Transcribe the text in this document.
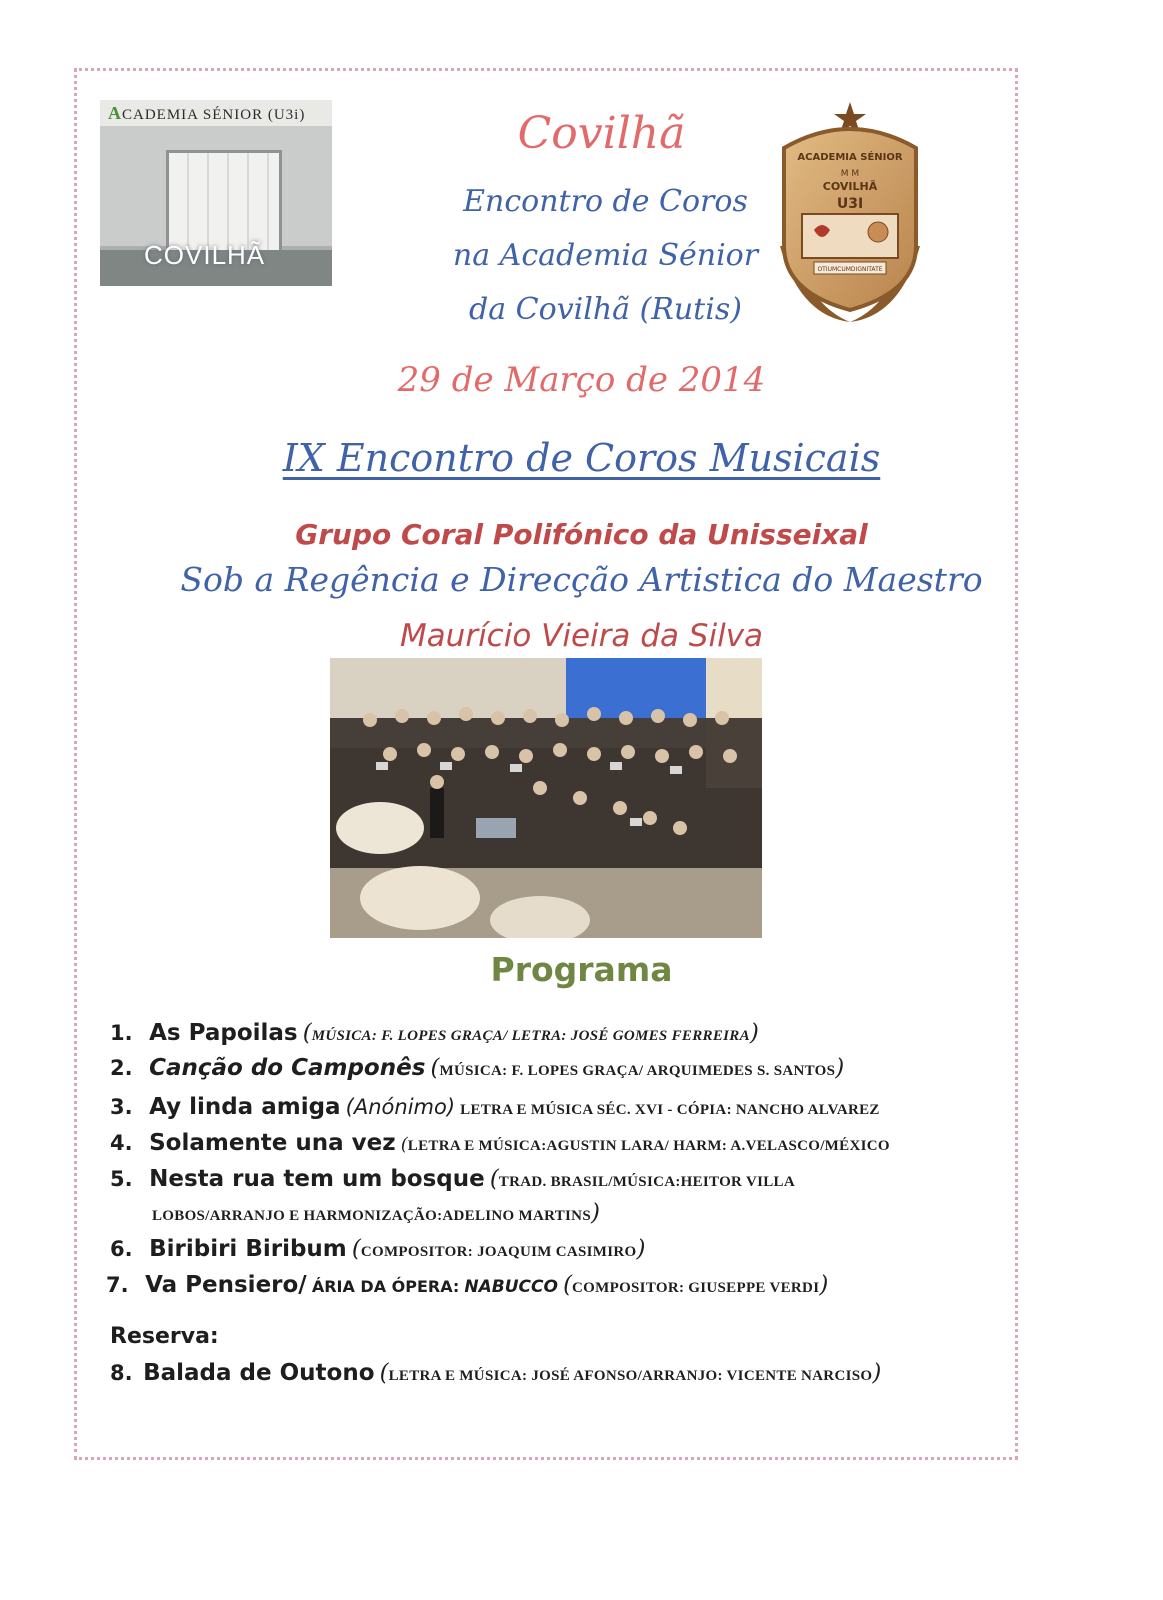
ACADEMIA SÉNIOR (U3i)
COVILHÃ
ACADEMIA SÉNIOR
M M
COVILHÃ
U3I
OTIUMCUMDIGNITATE
Covilhã
Encontro de Coros
na Academia Sénior
da Covilhã (Rutis)
29 de Março de 2014
IX Encontro de Coros Musicais
Grupo Coral Polifónico da Unisseixal
Sob a Regência e Direcção Artistica do Maestro
Maurício Vieira da Silva
Programa
1. As Papoilas (MÚSICA: F. LOPES GRAÇA/ LETRA: JOSÉ GOMES FERREIRA)
2. Canção do Camponês (MÚSICA: F. LOPES GRAÇA/ ARQUIMEDES S. SANTOS)
3. Ay linda amiga (Anónimo) LETRA E MÚSICA SÉC. XVI - CÓPIA: NANCHO ALVAREZ
4. Solamente una vez (LETRA E MÚSICA:AGUSTIN LARA/ HARM: A.VELASCO/MÉXICO
5. Nesta rua tem um bosque (TRAD. BRASIL/MÚSICA:HEITOR VILLA
LOBOS/ARRANJO E HARMONIZAÇÃO:ADELINO MARTINS)
6. Biribiri Biribum (COMPOSITOR: JOAQUIM CASIMIRO)
7. Va Pensiero/ ÁRIA DA ÓPERA: NABUCCO (COMPOSITOR: GIUSEPPE VERDI)
Reserva:
8. Balada de Outono (LETRA E MÚSICA: JOSÉ AFONSO/ARRANJO: VICENTE NARCISO)
